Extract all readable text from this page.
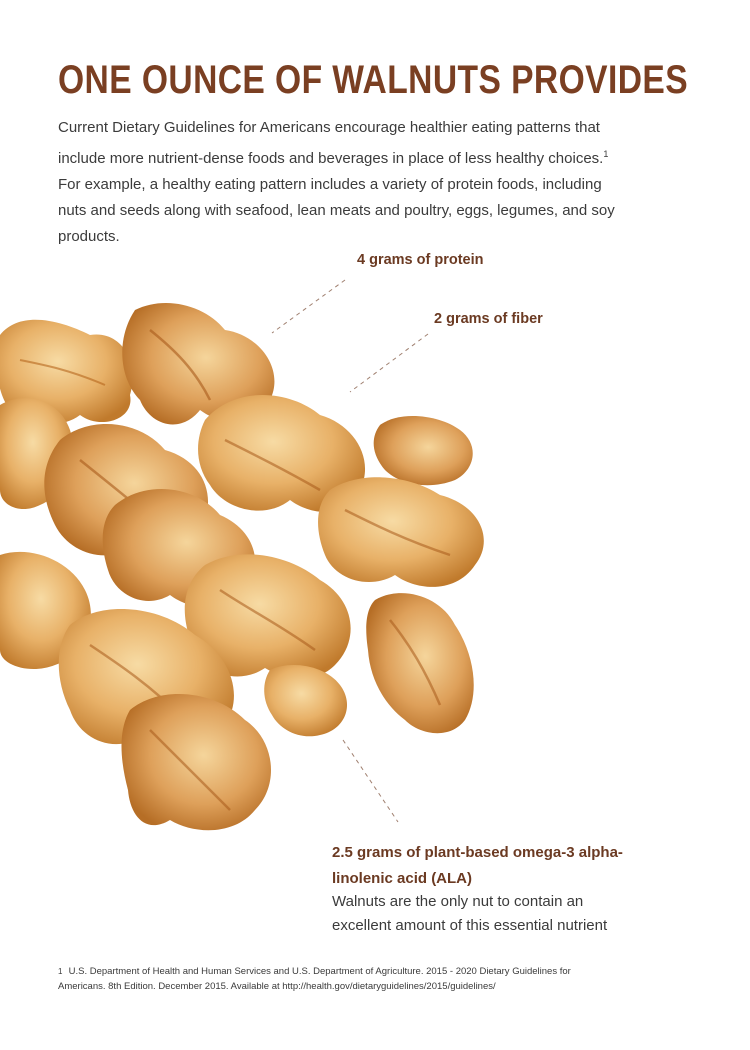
ONE OUNCE OF WALNUTS PROVIDES

Current Dietary Guidelines for Americans encourage healthier eating patterns that include more nutrient-dense foods and beverages in place of less healthy choices.$^1$ For example, a healthy eating pattern includes a variety of protein foods, including nuts and seeds along with seafood, lean meats and poultry, eggs, legumes, and soy products.

4 grams of protein
2 grams of fiber
2.5 grams of plant-based omega-3 alpha-linolenic acid (ALA)

Walnuts are the only nut to contain an excellent amount of this essential nutrient

1 U.S. Department of Health and Human Services and U.S. Department of Agriculture. 2015 - 2020 Dietary Guidelines for Americans. 8th Edition. December 2015. Available at http://health.gov/dietaryguidelines/2015/guidelines/
